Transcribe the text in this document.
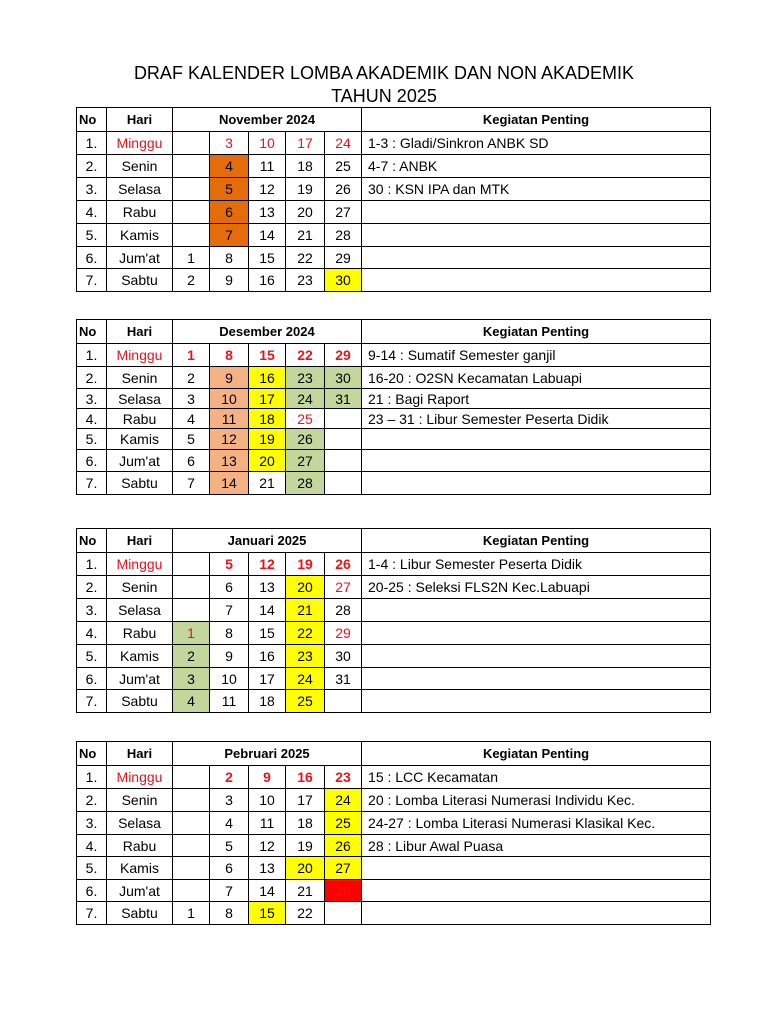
DRAF KALENDER LOMBA AKADEMIK DAN NON AKADEMIK
TAHUN 2025
No	Hari	November 2024					Kegiatan Penting
1.	Minggu		3	10	17	24	1-3 : Gladi/Sinkron ANBK SD
2.	Senin		4	11	18	25	4-7 : ANBK
3.	Selasa		5	12	19	26	30 : KSN IPA dan MTK
4.	Rabu		6	13	20	27	
5.	Kamis		7	14	21	28	
6.	Jum'at	1	8	15	22	29	
7.	Sabtu	2	9	16	23	30	
No	Hari	Desember 2024					Kegiatan Penting
1.	Minggu	1	8	15	22	29	9-14 : Sumatif Semester ganjil
2.	Senin	2	9	16	23	30	16-20 : O2SN Kecamatan Labuapi
3.	Selasa	3	10	17	24	31	21 : Bagi Raport
4.	Rabu	4	11	18	25		23 – 31 : Libur Semester Peserta Didik
5.	Kamis	5	12	19	26		
6.	Jum'at	6	13	20	27		
7.	Sabtu	7	14	21	28		
No	Hari	Januari 2025					Kegiatan Penting
1.	Minggu		5	12	19	26	1-4 : Libur Semester Peserta Didik
2.	Senin		6	13	20	27	20-25 : Seleksi FLS2N Kec.Labuapi
3.	Selasa		7	14	21	28	
4.	Rabu	1	8	15	22	29	
5.	Kamis	2	9	16	23	30	
6.	Jum'at	3	10	17	24	31	
7.	Sabtu	4	11	18	25		
No	Hari	Pebruari 2025					Kegiatan Penting
1.	Minggu		2	9	16	23	15 : LCC Kecamatan
2.	Senin		3	10	17	24	20 : Lomba Literasi Numerasi Individu Kec.
3.	Selasa		4	11	18	25	24-27 : Lomba Literasi Numerasi Klasikal Kec.
4.	Rabu		5	12	19	26	28 : Libur Awal Puasa
5.	Kamis		6	13	20	27	
6.	Jum'at		7	14	21	28	
7.	Sabtu	1	8	15	22		
